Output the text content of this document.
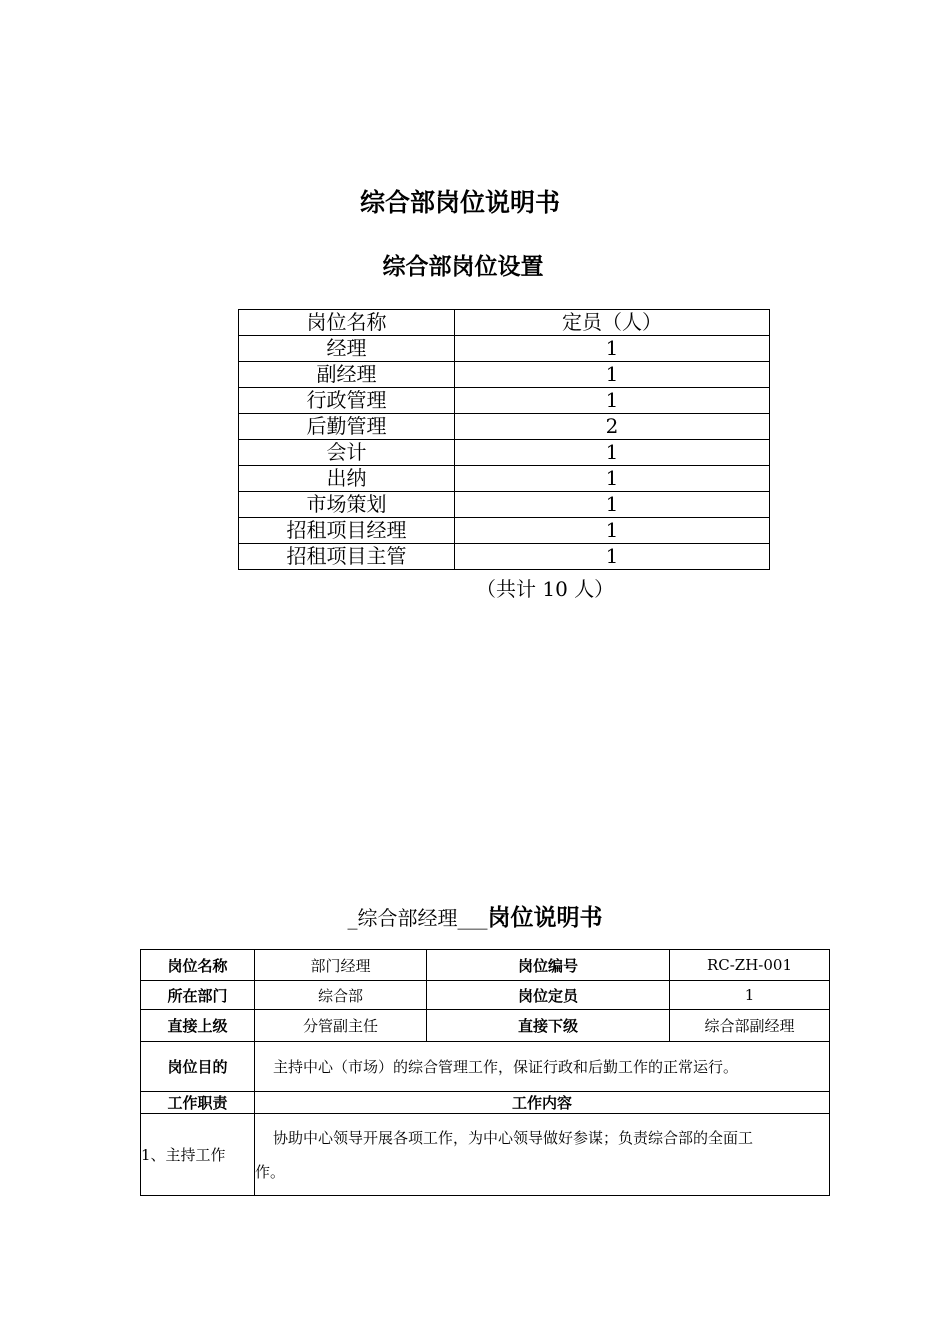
综合部岗位说明书
综合部岗位设置
岗位名称	定员（人）
经理	1
副经理	1
行政管理	1
后勤管理	2
会计	1
出纳	1
市场策划	1
招租项目经理	1
招租项目主管	1
（共计 10 人）
_综合部经理___岗位说明书
岗位名称	部门经理	岗位编号	RC-ZH-001
所在部门	综合部	岗位定员	1
直接上级	分管副主任	直接下级	综合部副经理
岗位目的	主持中心（市场）的综合管理工作，保证行政和后勤工作的正常运行。		
工作职责	工作内容		
1、主持工作	协助中心领导开展各项工作，为中心领导做好参谋；负责综合部的全面工
作。		
